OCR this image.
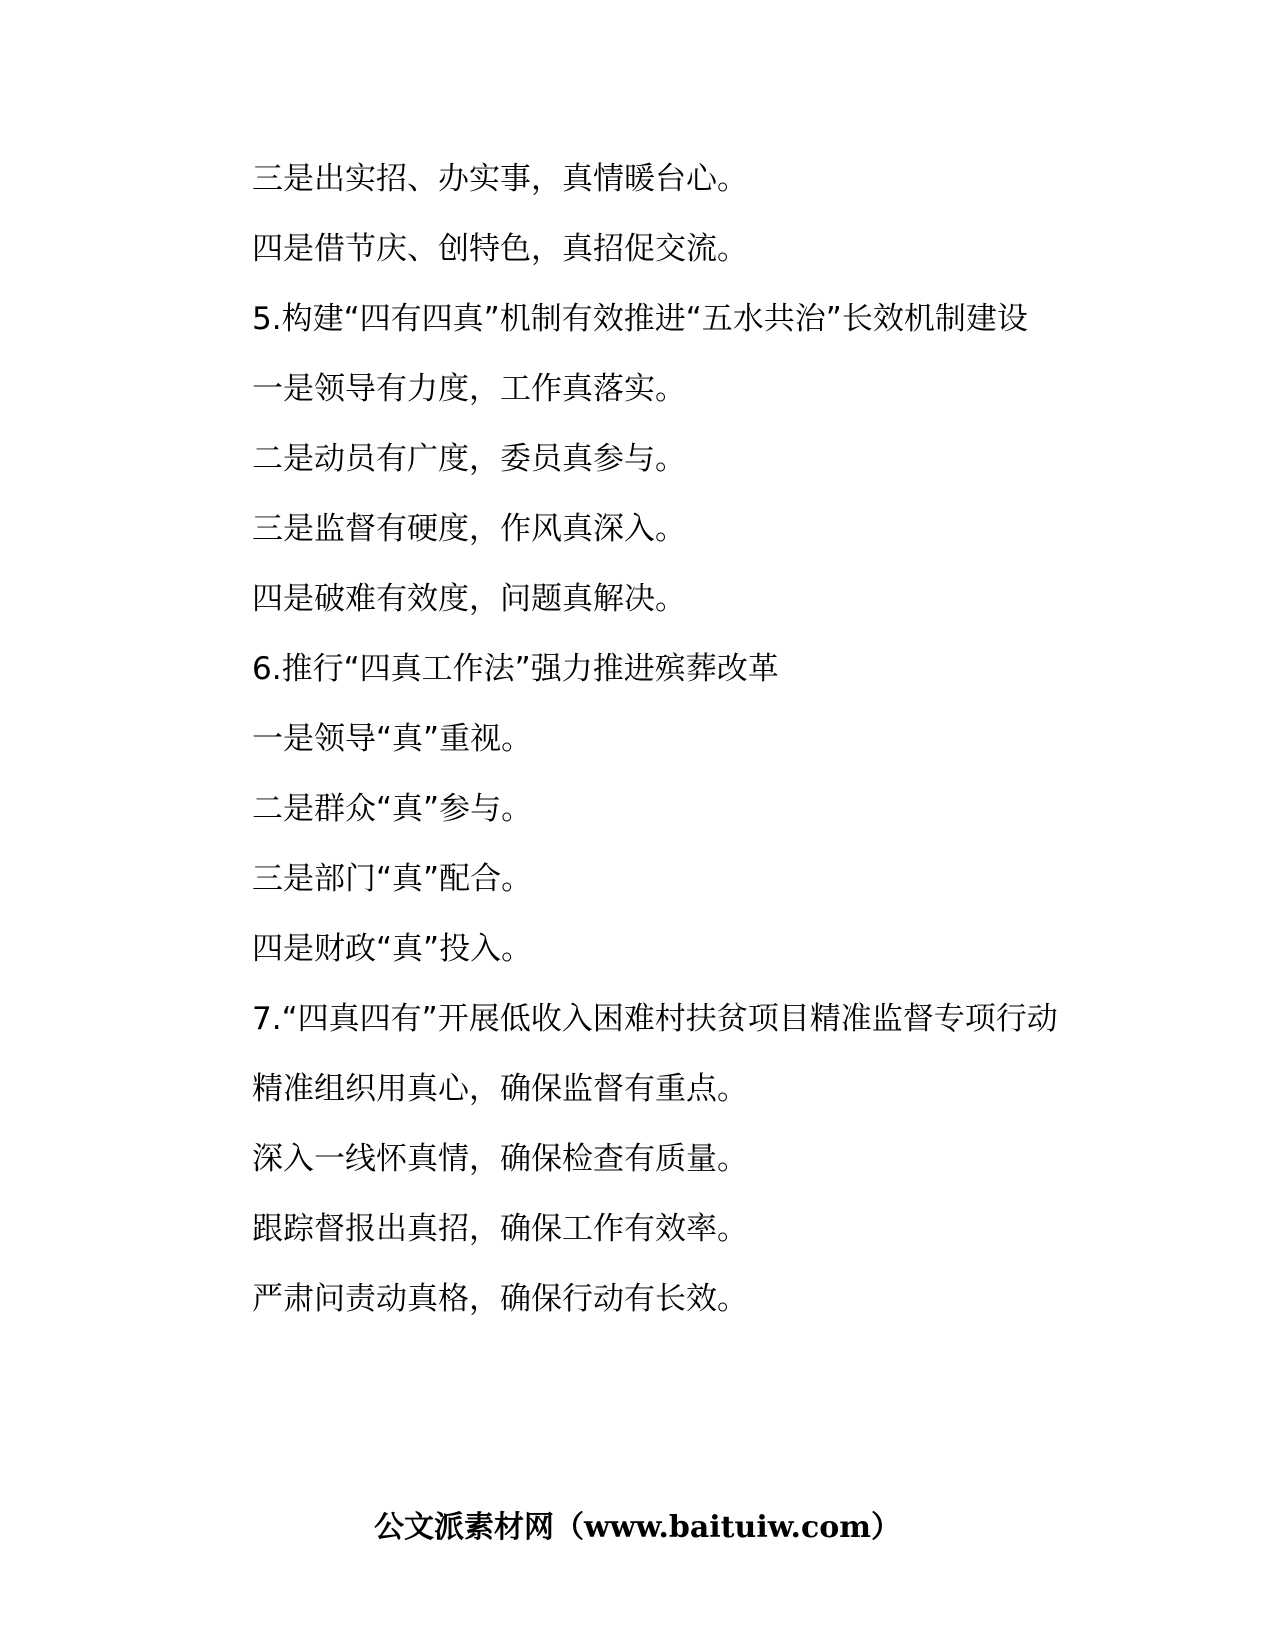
三是出实招、办实事，真情暖台心。

四是借节庆、创特色，真招促交流。

5.构建“四有四真”机制有效推进“五水共治”长效机制建设

一是领导有力度，工作真落实。

二是动员有广度，委员真参与。

三是监督有硬度，作风真深入。

四是破难有效度，问题真解决。

6.推行“四真工作法”强力推进殡葬改革

一是领导“真”重视。

二是群众“真”参与。

三是部门“真”配合。

四是财政“真”投入。

7.“四真四有”开展低收入困难村扶贫项目精准监督专项行动

精准组织用真心，确保监督有重点。

深入一线怀真情，确保检查有质量。

跟踪督报出真招，确保工作有效率。

严肃问责动真格，确保行动有长效。

公文派素材网（www.baituiw.com）
